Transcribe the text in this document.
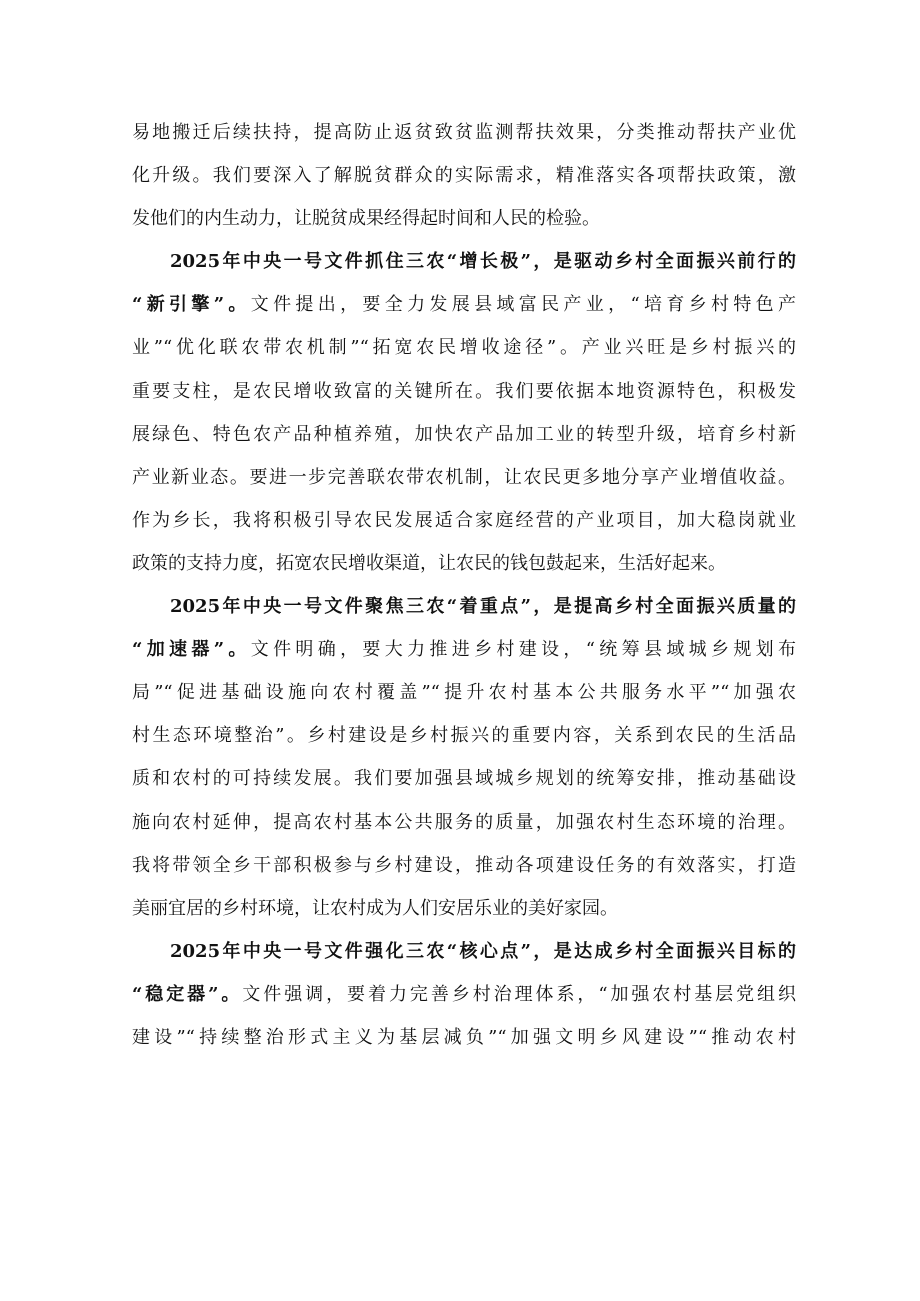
易地搬迁后续扶持，提高防止返贫致贫监测帮扶效果，分类推动帮扶产业优
化升级。我们要深入了解脱贫群众的实际需求，精准落实各项帮扶政策，激
发他们的内生动力，让脱贫成果经得起时间和人民的检验。
2025年中央一号文件抓住三农“增长极”，是驱动乡村全面振兴前行的
“新引擎”。文件提出，要全力发展县域富民产业，“培育乡村特色产
业”“优化联农带农机制”“拓宽农民增收途径”。产业兴旺是乡村振兴的
重要支柱，是农民增收致富的关键所在。我们要依据本地资源特色，积极发
展绿色、特色农产品种植养殖，加快农产品加工业的转型升级，培育乡村新
产业新业态。要进一步完善联农带农机制，让农民更多地分享产业增值收益。
作为乡长，我将积极引导农民发展适合家庭经营的产业项目，加大稳岗就业
政策的支持力度，拓宽农民增收渠道，让农民的钱包鼓起来，生活好起来。
2025年中央一号文件聚焦三农“着重点”，是提高乡村全面振兴质量的
“加速器”。文件明确，要大力推进乡村建设，“统筹县域城乡规划布
局”“促进基础设施向农村覆盖”“提升农村基本公共服务水平”“加强农
村生态环境整治”。乡村建设是乡村振兴的重要内容，关系到农民的生活品
质和农村的可持续发展。我们要加强县域城乡规划的统筹安排，推动基础设
施向农村延伸，提高农村基本公共服务的质量，加强农村生态环境的治理。
我将带领全乡干部积极参与乡村建设，推动各项建设任务的有效落实，打造
美丽宜居的乡村环境，让农村成为人们安居乐业的美好家园。
2025年中央一号文件强化三农“核心点”，是达成乡村全面振兴目标的
“稳定器”。文件强调，要着力完善乡村治理体系，“加强农村基层党组织
建设”“持续整治形式主义为基层减负”“加强文明乡风建设”“推动农村
